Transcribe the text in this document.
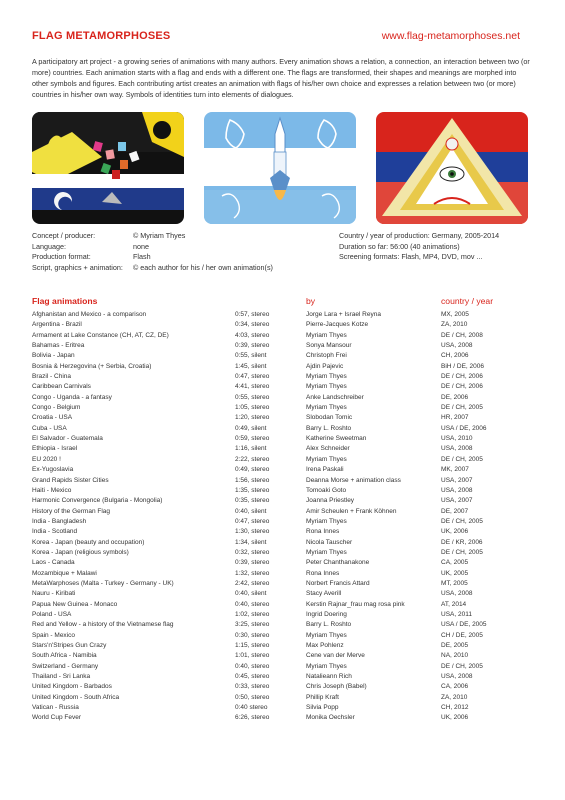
FLAG METAMORPHOSES	www.flag-metamorphoses.net
A participatory art project - a growing series of animations with many authors. Every animation shows a relation, a connection, an interaction between two (or more) countries. Each animation starts with a flag and ends with a different one. The flags are transformed, their shapes and meanings are morphed into other symbols and figures. Each contributing artist creates an animation with flags of his/her own choice and expresses a relation between two (or more) countries in his/her own way. Symbols of identities turn into elements of dialogues.
Concept / producer:	© Myriam Thyes
Language:	none
Production format:	Flash
Script, graphics + animation:	© each author for his / her own animation(s)
Country / year of production: Germany, 2005-2014
Duration so far: 56:00 (40 animations)
Screening formats: Flash, MP4, DVD, mov ...
Flag animations	by	country / year
Afghanistan and Mexico - a comparison	0:57, stereo	Jorge Lara + Israel Reyna	MX, 2005
Argentina - Brazil	0:34, stereo	Pierre-Jacques Kotze	ZA, 2010
Armament at Lake Constance (CH, AT, CZ, DE)	4:03, stereo	Myriam Thyes	DE / CH, 2008
Bahamas - Eritrea	0:39, stereo	Sonya Mansour	USA, 2008
Bolivia - Japan	0:55, silent	Christoph Frei	CH, 2006
Bosnia & Herzegovina (+ Serbia, Croatia)	1:45, silent	Ajdin Pajevic	BiH / DE, 2006
Brazil - China	0:47, stereo	Myriam Thyes	DE / CH, 2006
Caribbean Carnivals	4:41, stereo	Myriam Thyes	DE / CH, 2006
Congo - Uganda - a fantasy	0:55, stereo	Anke Landschreiber	DE, 2006
Congo - Belgium	1:05, stereo	Myriam Thyes	DE / CH, 2005
Croatia - USA	1:20, stereo	Slobodan Tomic	HR, 2007
Cuba - USA	0:49, silent	Barry L. Roshto	USA / DE, 2006
El Salvador - Guatemala	0:59, stereo	Katherine Sweetman	USA, 2010
Ethiopia - Israel	1:16, silent	Alex Schneider	USA, 2008
EU 2020 !	2:22, stereo	Myriam Thyes	DE / CH, 2005
Ex-Yugoslavia	0:49, stereo	Irena Paskali	MK, 2007
Grand Rapids Sister Cities	1:56, stereo	Deanna Morse + animation class	USA, 2007
Haiti - Mexico	1:35, stereo	Tomoaki Goto	USA, 2008
Harmonic Convergence (Bulgaria - Mongolia)	0:35, stereo	Joanna Priestley	USA, 2007
History of the German Flag	0:40, silent	Amir Scheulen + Frank Köhnen	DE, 2007
India - Bangladesh	0:47, stereo	Myriam Thyes	DE / CH, 2005
India - Scotland	1:30, stereo	Rona Innes	UK, 2006
Korea - Japan (beauty and occupation)	1:34, silent	Nicola Tauscher	DE / KR, 2006
Korea - Japan (religious symbols)	0:32, stereo	Myriam Thyes	DE / CH, 2005
Laos - Canada	0:39, stereo	Peter Chanthanakone	CA, 2005
Mozambique + Malawi	1:32, stereo	Rona Innes	UK, 2005
MetaWarphoses (Malta - Turkey - Germany - UK)	2:42, stereo	Norbert Francis Attard	MT, 2005
Nauru - Kiribati	0:40, silent	Stacy Averill	USA, 2008
Papua New Guinea - Monaco	0:40, stereo	Kerstin Rajnar_frau mag rosa pink	AT, 2014
Poland - USA	1:02, stereo	Ingrid Doering	USA, 2011
Red and Yellow - a history of the Vietnamese flag	3:25, stereo	Barry L. Roshto	USA / DE, 2005
Spain - Mexico	0:30, stereo	Myriam Thyes	CH / DE, 2005
Stars'n'Stripes Gun Crazy	1:15, stereo	Max Pohlenz	DE, 2005
South Africa - Namibia	1:01, stereo	Cene van der Merve	NA, 2010
Switzerland - Germany	0:40, stereo	Myriam Thyes	DE / CH, 2005
Thailand - Sri Lanka	0:45, stereo	Natalieann Rich	USA, 2008
United Kingdom - Barbados	0:33, stereo	Chris Joseph (Babel)	CA, 2006
United Kingdom - South Africa	0:50, stereo	Phillip Kraft	ZA, 2010
Vatican - Russia	0:40 stereo	Silvia Popp	CH, 2012
World Cup Fever	6:26, stereo	Monika Oechsler	UK, 2006
